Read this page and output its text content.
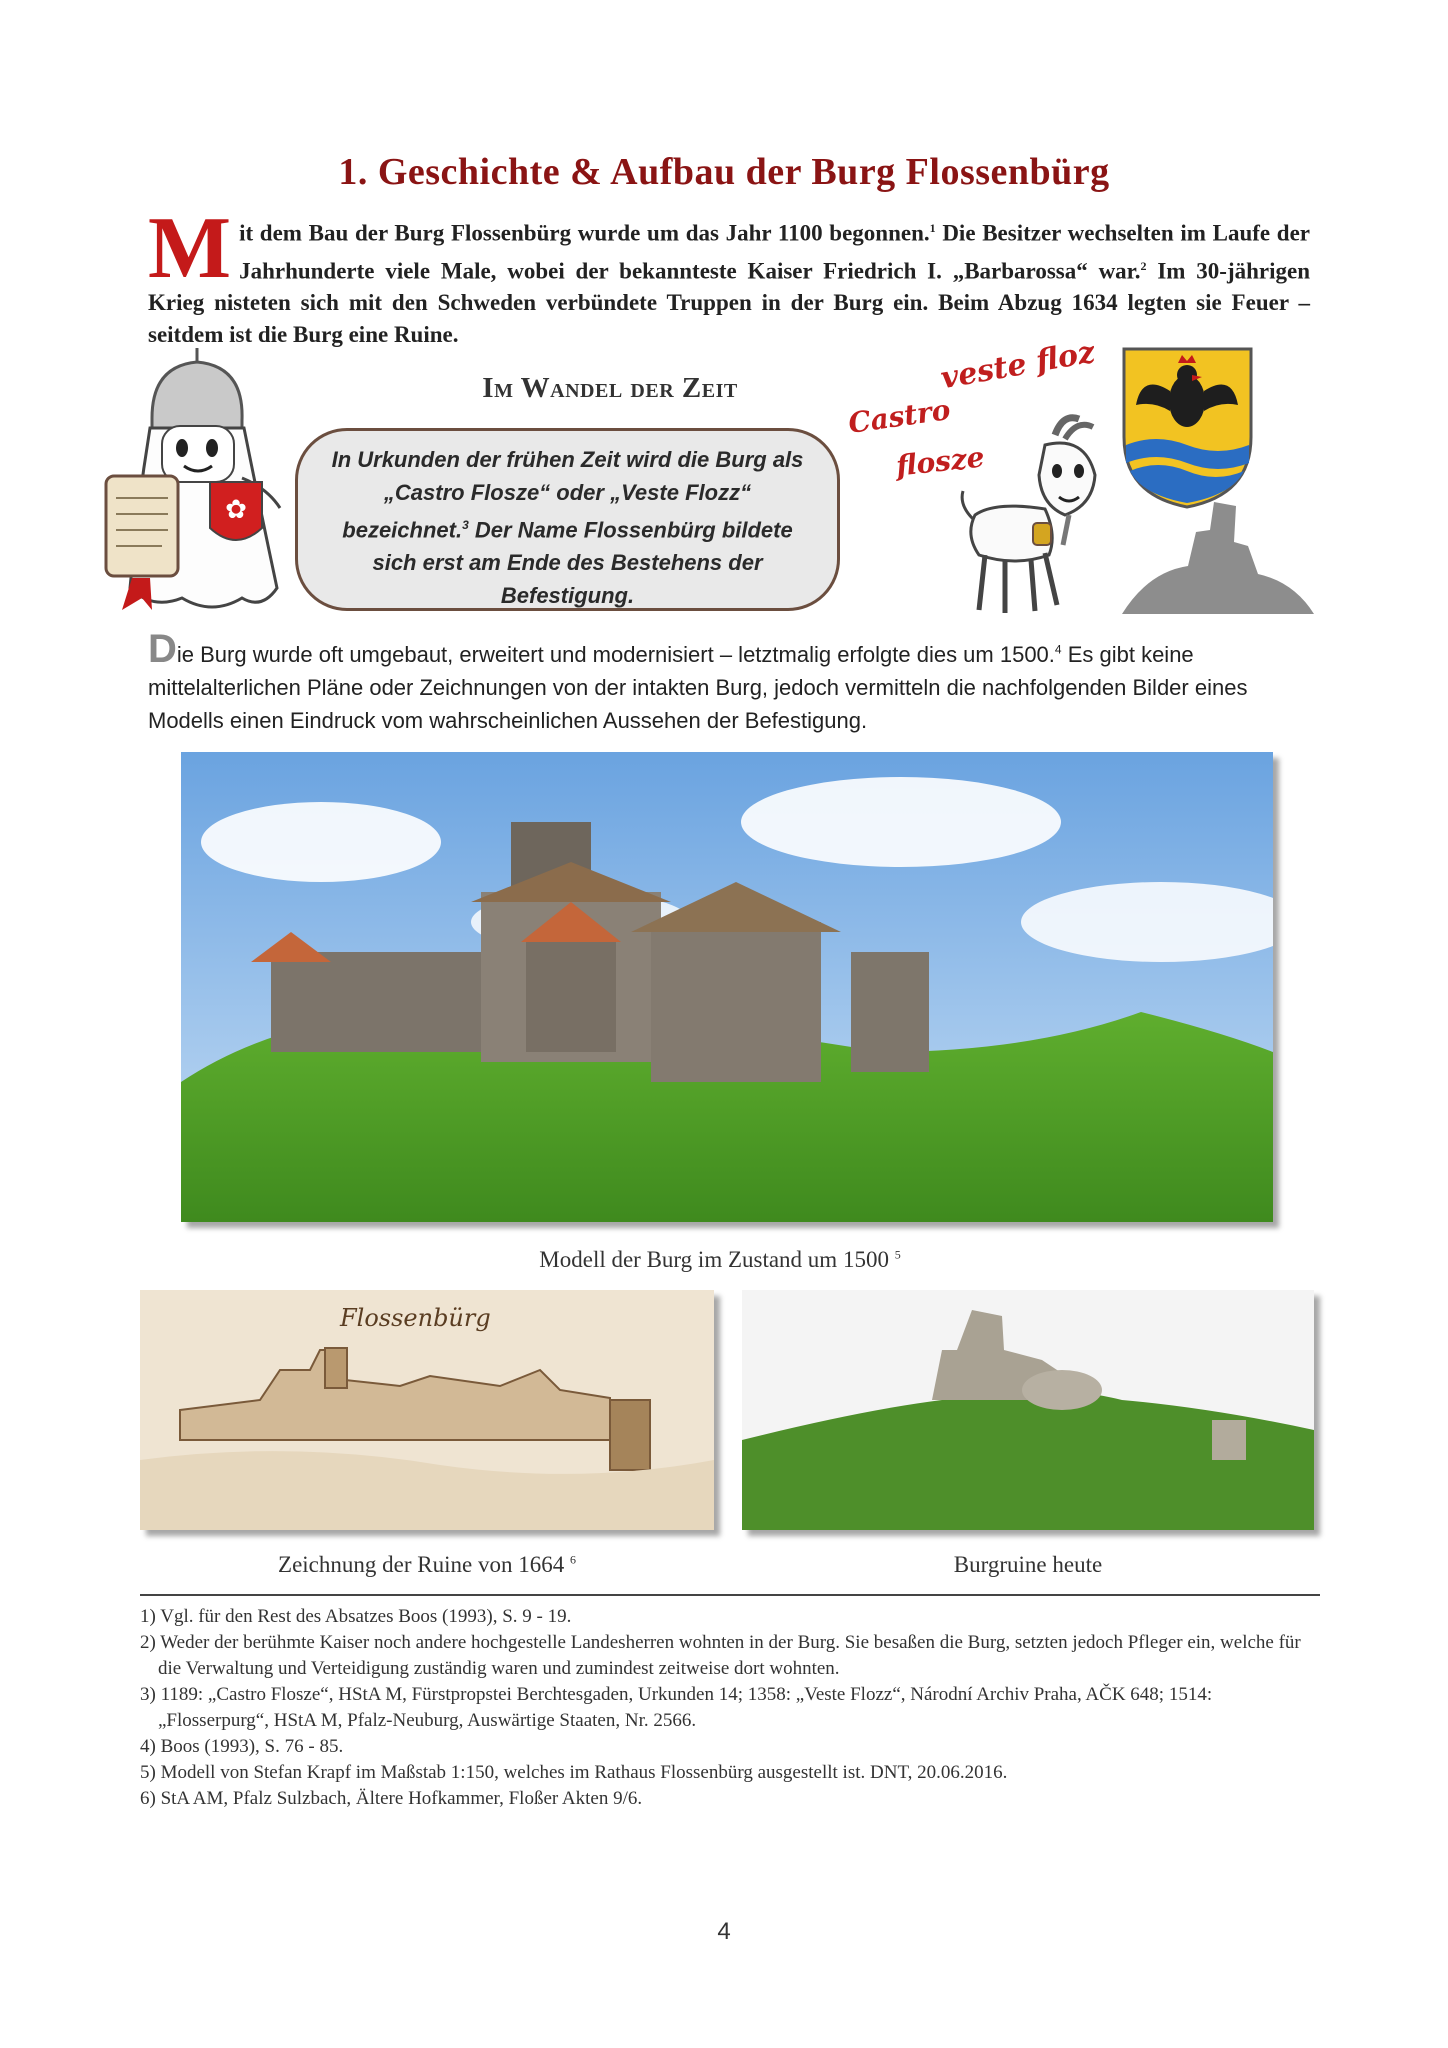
1. Geschichte & Aufbau der Burg Flossenbürg

Mit dem Bau der Burg Flossenbürg wurde um das Jahr 1100 begonnen.$^1$ Die Besitzer wechselten im Laufe der Jahrhunderte viele Male, wobei der bekannteste Kaiser Friedrich I. „Barbarossa“ war.$^2$ Im 30-jährigen Krieg nisteten sich mit den Schweden verbündete Truppen in der Burg ein. Beim Abzug 1634 legten sie Feuer – seitdem ist die Burg eine Ruine.

✿
Im Wandel der Zeit
In Urkunden der frühen Zeit wird die Burg als „Castro Flosze“ oder „Veste Flozz“ bezeichnet.$^3$ Der Name Flossenbürg bildete sich erst am Ende des Bestehens der Befestigung.
veste floz
Castro
flosze

Die Burg wurde oft umgebaut, erweitert und modernisiert – letztmalig erfolgte dies um 1500.$^4$ Es gibt keine mittelalterlichen Pläne oder Zeichnungen von der intakten Burg, jedoch vermitteln die nachfolgenden Bilder eines Modells einen Eindruck vom wahrscheinlichen Aussehen der Befestigung.

Modell der Burg im Zustand um 1500 $^5$
Flossenbürg
Zeichnung der Ruine von 1664 $^6$	Burgruine heute

1) Vgl. für den Rest des Absatzes Boos (1993), S. 9 - 19.

2) Weder der berühmte Kaiser noch andere hochgestelle Landesherren wohnten in der Burg. Sie besaßen die Burg, setzten jedoch Pfleger ein, welche für die Verwaltung und Verteidigung zuständig waren und zumindest zeitweise dort wohnten.

3) 1189: „Castro Flosze“, HStA M, Fürstpropstei Berchtesgaden, Urkunden 14; 1358: „Veste Flozz“, Národní Archiv Praha, AČK 648; 1514: „Flosserpurg“, HStA M, Pfalz-Neuburg, Auswärtige Staaten, Nr. 2566.

4) Boos (1993), S. 76 - 85.

5) Modell von Stefan Krapf im Maßstab 1:150, welches im Rathaus Flossenbürg ausgestellt ist. DNT, 20.06.2016.

6) StA AM, Pfalz Sulzbach, Ältere Hofkammer, Floßer Akten 9/6.

4
